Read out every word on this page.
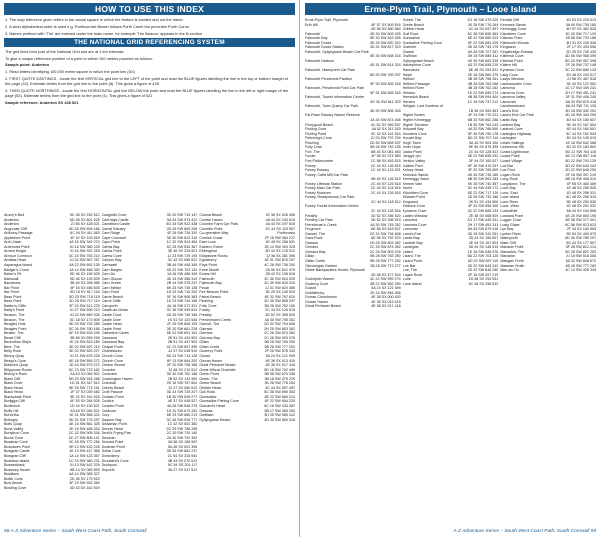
HOW TO USE THIS INDEX

1. The map reference given refers to the actual square in which the feature is located and not the name.

2. A strict alphabetical order is used e.g. Porthcurnick Beach follows Porth Creek but precedes Porth Curno

3. Names prefixed with 'The' are indexed under the main name, for example 'The Beacon' appears in the B section

THE NATIONAL GRID REFERENCING SYSTEM

The grid lines form part of the National Grid and are at 1 km intervals.

To give a unique reference position of a point to within 100 metres proceed as follows:

Sample point: Anderton

1. Read letters identifying 100,000 metre square in which the point lies (SX)

2. FIRST QUOTE EASTINGS - locate the first VERTICAL grid line to the LEFT of the point and read the BLUE figures labelling the line in the top or bottom margin of the page (42). Estimate tenths from the grid line to the point (8). This gives a figure of 428

3. THEN QUOTE NORTHINGS - locate the first HORIZONTAL grid line BELOW the point and read the BLUE figures labelling the line in the left or right margin of the page (52). Estimate tenths from the grid line to the point (1). This gives a figure of 521

Sample reference: Anderton SX 428 521

Anvoy's Bed	5C 48 SX 232 512
Anderton	6D 48 SX 601 525
Anderton	2J 50 SX 428 521
Angrouse Cliff	4D 26 SW 694 166
Anthony Passage	6C 54 SX 411 583
Appledore Point	4F 42 SX 109 515
Arch Zawn	4A 16 SW 349 270
Ardenorra Point	5J 16 SW 380 225
Armed Knight	3J 16 SW 337 253
Armour Common	3C 24 SW 753 214
Arrallas Head	2J 20 SW 567 257
Asparagus Island	4A 22 SW 692 135
Badger's Cross	1A 14 SW 486 330
Baker's Pit	5D 46 SX 155 525
Ballowall	3D 46 SX 193 525
Barcelona	3B 40 SX 208 585
Bar Point	5F 16 SX 456 535
Bar Point	5D 16 SV 917 118
Bass Point	5D 23 SW 716 118
Bass Point	3D 26 SW 717 119
Batten's Cliffs	3F 20 SW 512 225
Batty's Point	4J 27 SW 699 213
Beacon, The	4J 20 SW 689 326
Beacon, The	6C 18 SX 173 509
Beagles Hole	5D 29 SW 792 285
Beagles Point	5C 26 SW 780 168
Beaker, The	6F 15 SW 533 299
Beast Cliff	3B 56 SX 659 299
Bedruthan Steps	1E 26 SW 823 189
Beer, The	3E 20 SW 697 215
Belly Rock	3D 20 SW 620 227
Benny Quay	4J 21 SW 675 226
Bessy's Cove	6E 18 SW 559 272
Biddick's Quay	1E 44 SW 579 272
Billygoose Rocks	5C 23 SW 723 182
Bishop's Rock	2A 43 SX 064 502
Black Cliff	5H 29 SW 918 288
Black Cove	1G 51 SX 347 512
Black Head	5E 25 SW 774 161
Black Head	2F 37 SX 039 480
Blackybale Point	3E 42 SX 161 515
Bodigga Cliff	6F 53 SX 284 528
Bodinnick	1D 44 SX 130 521
Boffy Hill	4A 48 SX 264 521
Bohortha	1K 31 SW 858 324
Bolingey	3D 31 SW 776 297
Bolts Quay	4K 16 SW 861 325
Bone Valley	2E 16 SW 466 334
Bonython Cove	2C 32 SW 905 336
Borah Cove	5C 27 SW 805 141
Bosahan Cove	4C 28 SW 772 256
Boscawen Point	3H 13 SW 432 228
Bosigran Castle	1K 13 SW 417 368
Bosigran Cliff	1A 14 SW 423 367
Bosistow Island	1C 15 SW 360 231
Boswednack	4J 13 SW 442 376
Bossiney Haven	5B 14 SX 065 893
Botallack	6A 14 SW 365 327
Bottle Cove	2D 46 SX 179 515
Bow Beach	3F 29 SW 932 350
Bowling Cove	3D 42 SX 162 519
Cadgwith Cove	3D 20 SW 719 147
Caerhays Castle	5A 34 SW 974 412
Camelford Castle	5G 34 SW 922 438
Camel Estuary	2D 26 SW 699 206
Cam Ridge	4F 26 SW 726 320
Cape Cornwall	3D 30 SW 823 315
Capo Point	1C 32 SW 924 364
Carbis Bay	5C 28 SW 530 387
Carbis Point	3E 46 SX 234 521
Carew Cove	1J 23 SW 729 193
Carlyon Bay	3C 42 SX 056 522
Carnwath	3B 44 SW 448 345
Carn Barges	4D 22 SW 703 132
Carn Du	1A 16 SW 456 349
Carn Gloose	4K 13 SW 356 314
Carn Greeb	2B 14 SW 375 247
Carn Mellyn	6K 23 SW 745 135
Carn Point	1H 23 SW 716 202
Carne Beach	5F 16 SW 908 383
Carne Cliffs	1K 23 SW 744 198
Carnyorth	4A 16 SW 372 331
Castle-an-Dinas	3C 36 SW 945 624
Castle Cove	4D 25 SW 745 156
Castle Dore	1K 51 SX 103 548
Castle Head	2F 26 SW 808 193
Castle Point	3E 20 SW 661 228
Cathedral Caves	5E 22 SW 691 151
Cawsand	2K 51 SX 434 502
Cawsand Bay	2B 51 SX 437 505
Chapel Porth	4C 22 SW 697 495
Charlestown	4J 37 SX 038 516
Church Cove	5D 24 SW 714 128
Church Cove	6F 13 SW 664 202
Cleave Strand	2F 20 SW 708 166
Coombe	3J 48 SX 219 512
Coverack	3D 30 SW 782 186
Crackington Haven	2B 52 SX 142 969
Crantock	2K 15 SW 787 604
Crinnis Beach	3J 37 SX 060 519
Croft Pascoe	3D 24 SW 729 207
Cudden Point	1B 30 SW 549 277
Cuddra	4E 37 SX 045 527
Cudden Point	4A 28 SW 548 275
Culdrose	1H 31 SW 673 263
Cury	6E 23 SW 680 213
Daymer Bay	3C 46 SW 926 777
Deadman Point	1C 32 SX 002 380
Dennis Head	2G 29 SW 788 255
Devil's Frying Pan	2C 20 SW 720 140
Devoran	2A 30 SW 792 392
Dizzard Point	3A 36 SX 165 993
Dodman Point	5A 36 SX 001 396
Dollar Cove	3D 54 SW 661 237
Downderry	2C 54 SX 315 540
Drunkard's Cove	4B 43 SX 070 513
Duckpool	5C 54 SS 201 117
Duporth	3A 27 SX 037 512
Colona Beach	1E 38 SX 026 455
Combe Haven	4A 44 SX 243 514
Coombe Farm Cpr Park	4A 44 SX 197 515
Coombe Point	2C 44 SX 115 507
Co-operative Way	Porthcurno
Cornish Coast	2F 18 SW 384 227
East Looe	1D 48 SX 256 531
Eastern Green	2E 14 SW 494 325
Ebbingford	3D 42 SX 176 512
Eddystone Rocks	1J 38 SX 381 395
Egloskerry	4E 31 SW 870 297
Enys Point	4C 28 SW 736 200
Erme Mouth	2A 56 SX 612 479
Evans Hill	2B 42 SX 138 518
Falmouth	3C 30 SW 810 325
Falmouth Bay	4C 30 SW 820 310
Feock	1J 31 SW 824 385
Fire Beacon Point	3K 25 SX 105 924
Fistral Beach	4E 32 SW 797 620
Flushing	2D 30 SW 808 337
Folly Cove	5B 26 SW 752 155
Fowey	2C 44 SX 126 515
Freathy	3D 52 SX 398 520
Frenchman's Creek	4A 30 SW 745 262
Gannel, The	2G 32 SW 794 608
Garrack	2H 25 SW 803 382
Gerrans	2C 26 SW 874 352
Gerrans Bay	2C 26 SW 903 376
Gillan	5B 28 SW 783 250
Gillan Creek	5B 28 SW 777 252
Godrevy Point	2F 25 SW 578 433
Golant	5A 24 SX 121 549
Gorran Haven	4E 36 SX 013 415
Great Perhaver Beach	4E 36 SX 017 418
Great Wheal Charlotte	5D 16 SW 702 499
Greeb Point	5B 38 SW 870 336
Greeb, The	3B 18 SW 379 229
Grebe Beach	3K 26 SW 776 264
Gribbin Head	4C 44 SX 097 497
Gull Rock	5C 38 SW 890 363
Gunwalloe	6E 22 SW 660 224
Gunwalloe Fishing Cove	6F 22 SW 654 225
Gurnard's Head	6C 18 SW 433 387
Gwavas	6B 17 SW 465 283
Gwithian	3H 25 SW 585 412
Gyllyngvase Beach	4D 30 SW 809 318
58 A-Z Adventure Series – South West Coast Path, South Cornwall
Erme-Plym Trail, Plymouth – Looe Island
Erme-Plym Trail, Plymouth
Erth Hill	6F 57 SX 509 516
4D 58 SX 580 560
Falmouth	4D 30 SW 809 325
Falmouth Bay	5E 30 SW 819 305
Falmouth Docks	4E 30 SW 820 319
Falmouth Docks Station	4D 31 SW 817 323
Falmouth, Gyllyngvase Beach Car Park
5E 30 SW 808 318
Falmouth Harbour
4D 31 SW 814 324
Falmouth, Maenporth Car Park
6D 30 SW 789 297
Falmouth Pendennis Pavilion
5F 30 SW 826 318
Falmouth, Pendennis Point Car Park
5F 31 SW 826 318
Falmouth, Tourist Information Centre
4D 30 SW 811 329
Falmouth, Town Quarry Car Park
4D 30 SW 806 328
Fal-Ruan Estuary Nature Reserve
1A 34 SW 874 406
Finnygook Beach	4C 52 SX 359 537
Fishing Cove	4A 52 SX 311 533
Fishing Point	3C 42 SX 161 516
Fletching's Cove	2J 24 SW 797 234
Flushing	2D 30 SW 808 337
Folly Cove	5B 26 SW 752 155
Fort, The	6B 40 SX 081 463
Forder	4F 56 SX 374 583
Fort Picklecombe	1C 58 SX 453 515
Fowey	2C 44 SX 126 515
Fowey Estuary	1C 44 SX 124 521
Fowey, Caffa Mill Car Park
6B 40 SX 126 519
Fowey Lifeboat Station	2C 44 SX 125 518
Fowey Main Car Park	2C 44 SX 124 516
Fowey Museum	2C 44 SX 126 516
Fowey, Readymoney Car Park
2C 44 SX 118 512
Fowey Tourist Information Centre
2C 44 SX 126 516
Freathy	3D 52 SX 398 520
Freathy Car Park	3D 52 SX 398 519
Frenchman's Creek	4A 30 SW 745 262
Frogmore	6E 56 SX 518 527
Gannel, The	2G 32 SW 794 608
Gara Rock	6E 56 SX 752 370
Garrack	2H 25 SW 803 382
Gerrans	2C 26 SW 874 352
Gerrans Bay	2C 26 SW 903 376
Gillan	5B 28 SW 783 250
Gillan Creek	5B 28 SW 777 252
Glendurgan Garden	2B 28 SW 772 277
Globe Backpackers Hostel, Plymouth
4D 58 SX 477 543
Godolphin Warren	4C 22 SW 599 274
Godrevy Cove	4B 22 SW 582 269
Golant	5A 24 SX 121 549
Goldsithney	2K 24 SW 545 306
Gorran Churchtown	4E 36 SX 000 420
Gorran Haven	4E 36 SX 013 415
Great Perhaver Beach	4E 36 SX 017 418
Greeb, The	1G 16 SW 379 229
Grebe Beach	3K 26 SW 776 264
Gribbin Head	4C 44 SX 097 497
Gull Rock	5C 38 SW 890 363
Gunwalloe	6E 22 SW 660 224
Gunwalloe Fishing Cove	6F 22 SW 654 225
Gwenter	3D 26 SW 743 175
Gweek	6A 28 SW 707 267
Gwithian	3H 25 SW 585 412
Gyllyngvase Beach	4D 30 SW 809 318
Halzephron Cove	4D 22 SW 656 219
Hannafore	6E 48 SX 254 522
Hayle	2E 18 SW 560 375
Helford	4B 28 SW 758 261
Helford Passage	4B 28 SW 763 268
Helford River	4B 28 SW 762 262
Helston	1K 22 SW 659 274
Hemmick Beach	4B 38 SW 994 404
Hendra	1C 26 SW 737 212
Heligan, Lost Gardens of
1B 38 SX 000 463
Higher Boden	4F 24 SW 770 221
Higher Kenneggy	6B 20 SW 562 286
Higher Tolcarne	1B 30 SW 764 243
Holywell Bay	4A 32 SW 766 590
Hoodens Cove	5F 26 SW 790 178
Housel Bay	6D 22 SW 707 118
Hugh Town	3A 16 SV 903 106
Inner Hope	5E 56 SX 675 398
Jacka Point	2C 44 SX 128 513
Jangye-ryn	3E 22 SW 655 232
Jericho Valley	3F 44 SX 160 527
Jubilee Pool	6F 16 SW 475 297
Kelsey Head	3F 32 SW 765 609
Kennack Sands	4D 26 SW 735 165
Kenneggy Sand	6B 20 SW 564 283
Kennel Vale	5K 26 SW 740 357
Kerris	3C 44 SW 445 272
Kilcobben Cove	5D 22 SW 717 129
Kildown Point	2E 26 SW 733 186
Kingsand	2K 51 SX 434 506
Kiberick Cove	3F 34 SW 958 399
Kynance Cove	3C 22 SW 685 133
Ladies Window	2E 38 SX 068 909
Lamorna	2G 17 SW 449 241
Lamorna Cove	2H 17 SW 451 241
Lamorran	6A 34 SW 879 418
Land's End	3D 18 SW 342 251
Lantic Bay	3D 44 SX 150 507
Lantivet Bay	3E 44 SX 167 504
Lanteglos	3D 44 SX 145 515
Lelant	1E 18 SW 548 376
Lizard, The	6D 22 SW 703 125
Lizard Point	6D 22 SW 697 116
Loe Bar	3D 22 SW 643 242
Loe, The	2D 22 SW 648 250
Logan Rock	2F 16 SW 397 219
Looe	1D 48 SX 254 531
Looe Island	6C 48 SX 256 515
Kendal Cliff	4D 53 SX 225 513
Kennack Sands	3A 40 SW 735 165
Kenneggy Cove	4H 57 SX 482 528
Kilcobben Cove	1D 20 SW 717 129
Kildown Point	1B 56 SW 733 186
Kilminorth Woods	4H 31 SX 240 536
Kingsand	2F 17 SX 434 506
Kingsbridge Estuary	2D 25 SX 740 430
Kilberick Cove	4D 56 SW 958 399
Kiberick Point	5G 20 SW 957 398
Kittern Hill	2F 26 SW 737 148
Kynance Cove	3C 22 SW 685 133
Lady Cove	2H 48 SX 243 517
Ladys Window	2J 58 SX 467 518
Lambsowden Cove	3E 40 SX 122 502
Lamorna	1G 17 SW 449 241
Lamorna Cove	2H 17 SW 451 241
Lamorna Valley	3F 31 SW 446 245
Lamorran	6A 34 SW 879 418
Landewednack	6A 24 SW 711 126
Land's End	3D 18 SW 342 251
Land's End Car Park	3D 18 SW 344 250
Lantic Bay	3D 44 SX 150 507
Lantivet Bay	3E 44 SX 167 504
Lantivet Cove	4E 44 SX 160 501
Lanteglos Highway	5C 44 SX 152 533
Lanteglos	3D 44 SX 145 515
Lelant Saltings	1E 18 SW 542 368
Leskernick Hill	4D 32 SX 183 802
Lizard Lighthouse	6D 22 SW 704 115
Lizard Point	6D 22 SW 697 116
Lizard Village	5D 22 SW 703 125
Loe Bar	3D 22 SW 643 242
Loe Pool	2D 22 SW 648 250
Logan Rock	2F 16 SW 397 219
Long Rock	6B 18 SW 498 310
Longstone, The	4F 55 SX 483 489
Looe Bay	1E 48 SX 258 525
Looe, East	1D 48 SX 256 531
Looe Island	6C 48 SX 256 515
Looe River	5E 48 SX 253 535
Looe, West	1D 48 SX 251 532
Lostwithiel	6A 44 SX 104 598
Lowland Point	4E 26 SW 800 195
Lugger Cove	6E 36 SW 977 401
Lusty Glaze	6C 56 SW 823 623
Lyn Bay	2F 44 SX 160 509
Lynher River	5E 54 SX 400 570
Maenporth	6D 30 SW 789 297
Maer Cliff	3G 44 SX 177 507
Manacle Point	3F 28 SW 812 214
Manacles, The	3G 28 SW 821 203
Marazion	2J 18 SW 518 306
Mawgan Porth	5A 32 SW 848 672
Mawnan Smith	4B 28 SW 777 283
Men-an-Tol	3C 14 SW 426 349
A-Z Adventure Series – South West Coast Path, South Cornwall 59
